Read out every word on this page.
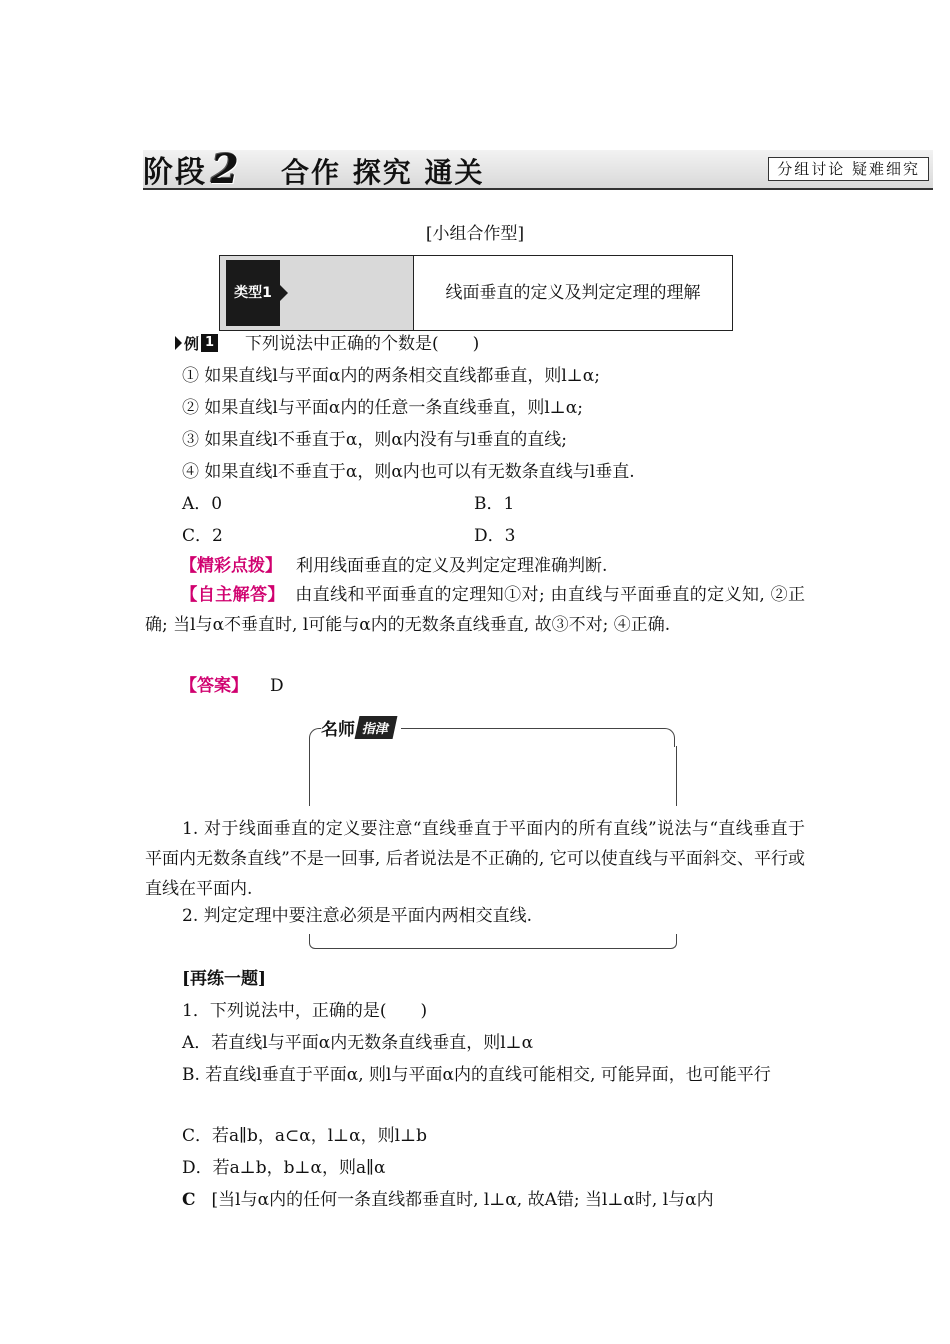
阶段 2 合作 探究 通关	分组讨论 疑难细究
[小组合作型]
类型1	线面垂直的定义及判定定理的理解
例 1 下列说法中正确的个数是(　　)
① 如果直线l与平面α内的两条相交直线都垂直，则l⊥α;
② 如果直线l与平面α内的任意一条直线垂直，则l⊥α;
③ 如果直线l不垂直于α，则α内没有与l垂直的直线;
④ 如果直线l不垂直于α，则α内也可以有无数条直线与l垂直.
A．0	B．1
C．2	D．3
【精彩点拨】 利用线面垂直的定义及判定定理准确判断.
【自主解答】 由直线和平面垂直的定理知①对; 由直线与平面垂直的定义知, ②正确; 当l与α不垂直时, l可能与α内的无数条直线垂直, 故③不对; ④正确.
【答案】 D
名师 指津
1. 对于线面垂直的定义要注意“直线垂直于平面内的所有直线”说法与“直线垂直于平面内无数条直线”不是一回事, 后者说法是不正确的, 它可以使直线与平面斜交、平行或直线在平面内.
2. 判定定理中要注意必须是平面内两相交直线.
[再练一题]
1．下列说法中，正确的是(　　)
A．若直线l与平面α内无数条直线垂直，则l⊥α
B. 若直线l垂直于平面α, 则l与平面α内的直线可能相交, 可能异面，也可能平行
C．若a∥b，a⊂α，l⊥α，则l⊥b
D．若a⊥b，b⊥α，则a∥α
C [当l与α内的任何一条直线都垂直时, l⊥α, 故A错; 当l⊥α时, l与α内
